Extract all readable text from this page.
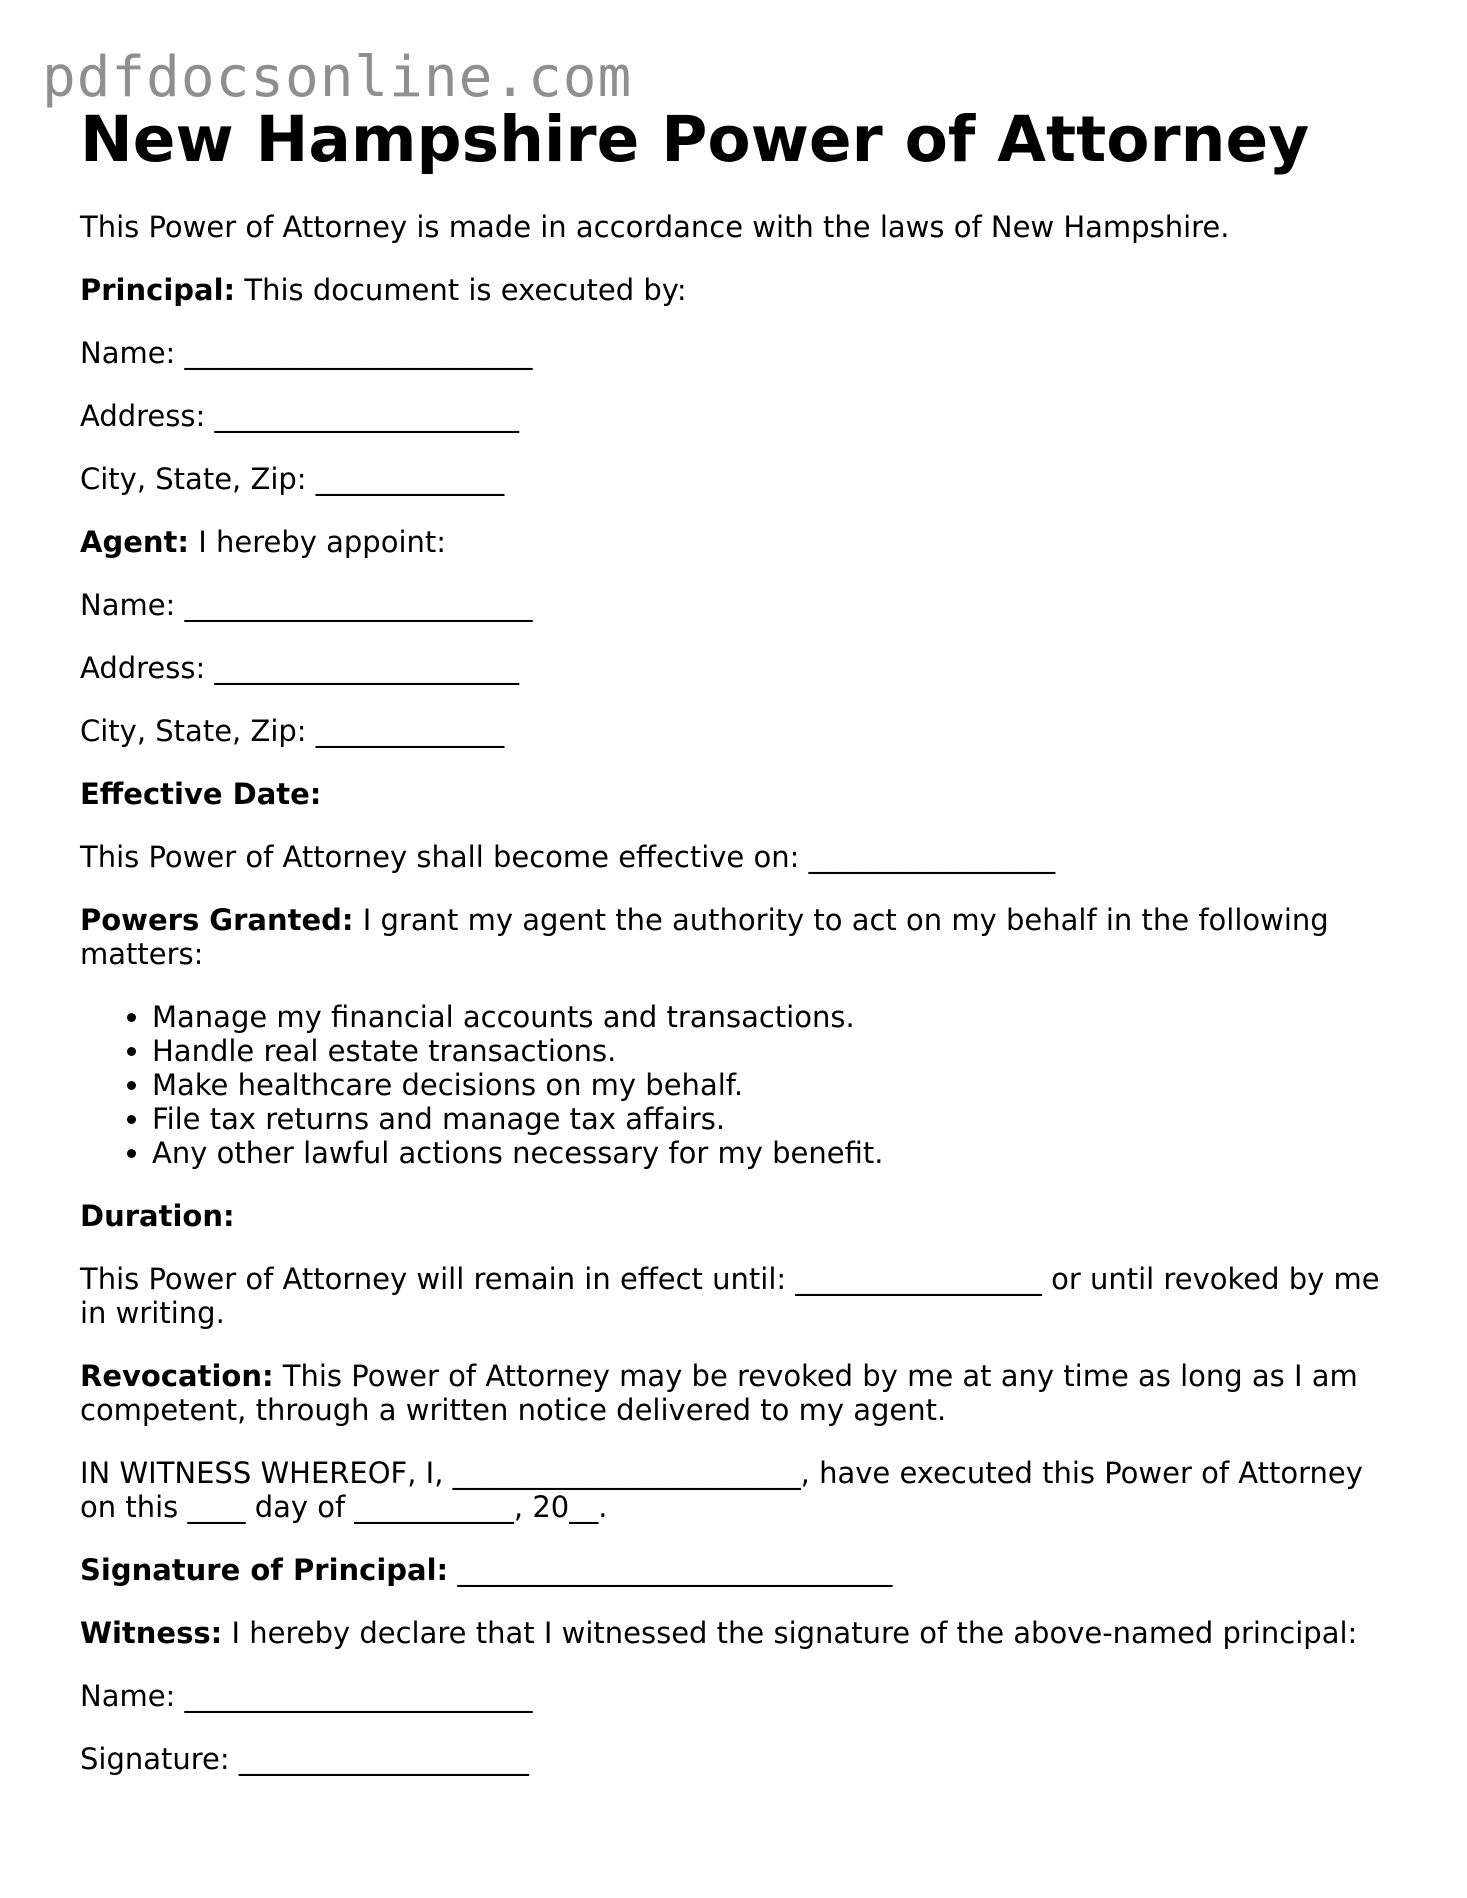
pdfdocsonline.com
New Hampshire Power of Attorney

This Power of Attorney is made in accordance with the laws of New Hampshire.

Principal: This document is executed by:

Name: ________________________

Address: _____________________

City, State, Zip: _____________

Agent: I hereby appoint:

Name: ________________________

Address: _____________________

City, State, Zip: _____________

Effective Date:

This Power of Attorney shall become effective on: _________________

Powers Granted: I grant my agent the authority to act on my behalf in the following matters:

• Manage my financial accounts and transactions.
• Handle real estate transactions.
• Make healthcare decisions on my behalf.
• File tax returns and manage tax affairs.
• Any other lawful actions necessary for my benefit.

Duration:

This Power of Attorney will remain in effect until: _________________ or until revoked by me in writing.

Revocation: This Power of Attorney may be revoked by me at any time as long as I am competent, through a written notice delivered to my agent.

IN WITNESS WHEREOF, I, ________________________, have executed this Power of Attorney on this ____ day of ___________, 20__.

Signature of Principal: ______________________________

Witness: I hereby declare that I witnessed the signature of the above-named principal:

Name: ________________________

Signature: ____________________
